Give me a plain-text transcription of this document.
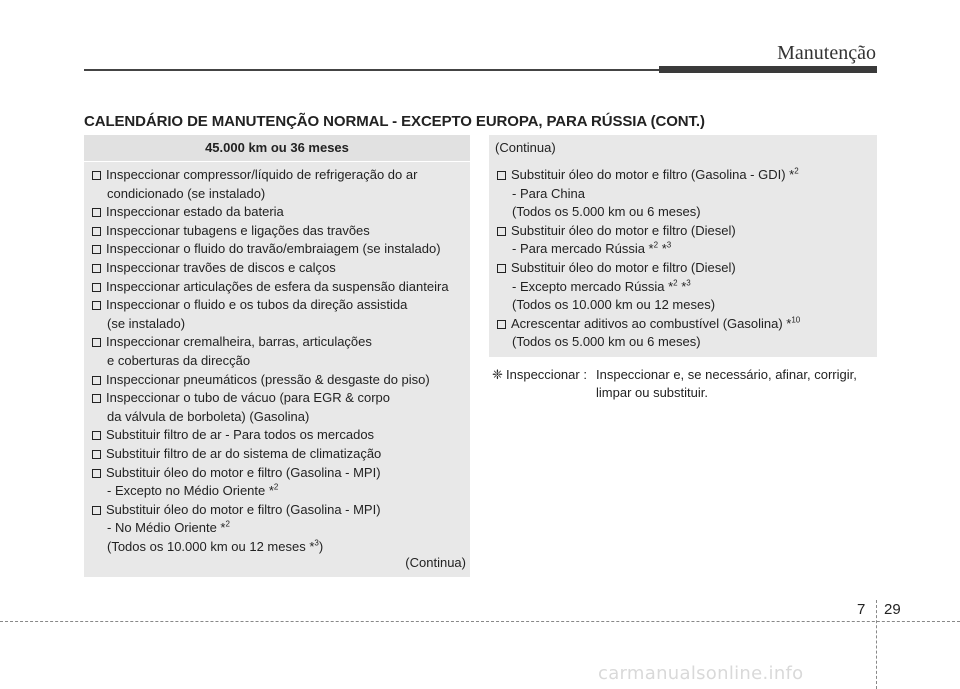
Manutenção
CALENDÁRIO DE MANUTENÇÃO NORMAL - EXCEPTO EUROPA, PARA RÚSSIA (CONT.)
45.000 km ou 36 meses
Inspeccionar compressor/líquido de refrigeração do ar
condicionado (se instalado)
Inspeccionar estado da bateria
Inspeccionar tubagens e ligações das travões
Inspeccionar o fluido do travão/embraiagem (se instalado)
Inspeccionar travões de discos e calços
Inspeccionar articulações de esfera da suspensão dianteira
Inspeccionar o fluido e os tubos da direção assistida
(se instalado)
Inspeccionar cremalheira, barras, articulações
e coberturas da direcção
Inspeccionar pneumáticos (pressão & desgaste do piso)
Inspeccionar o tubo de vácuo (para EGR & corpo
da válvula de borboleta) (Gasolina)
Substituir filtro de ar - Para todos os mercados
Substituir filtro de ar do sistema de climatização
Substituir óleo do motor e filtro (Gasolina - MPI)
- Excepto no Médio Oriente *$^2$
Substituir óleo do motor e filtro (Gasolina - MPI)
- No Médio Oriente *$^2$
(Todos os 10.000 km ou 12 meses *$^3$)
(Continua)
(Continua)
Substituir óleo do motor e filtro (Gasolina - GDI) *$^2$
- Para China
(Todos os 5.000 km ou 6 meses)
Substituir óleo do motor e filtro (Diesel)
- Para mercado Rússia *$^2$ *$^3$
Substituir óleo do motor e filtro (Diesel)
- Excepto mercado Rússia *$^2$ *$^3$
(Todos os 10.000 km ou 12 meses)
Acrescentar aditivos ao combustível (Gasolina) *$^{10}$
(Todos os 5.000 km ou 6 meses)
❈ Inspeccionar : Inspeccionar e, se necessário, afinar, corrigir,
limpar ou substituir.
7 29
carmanualsonline.info
